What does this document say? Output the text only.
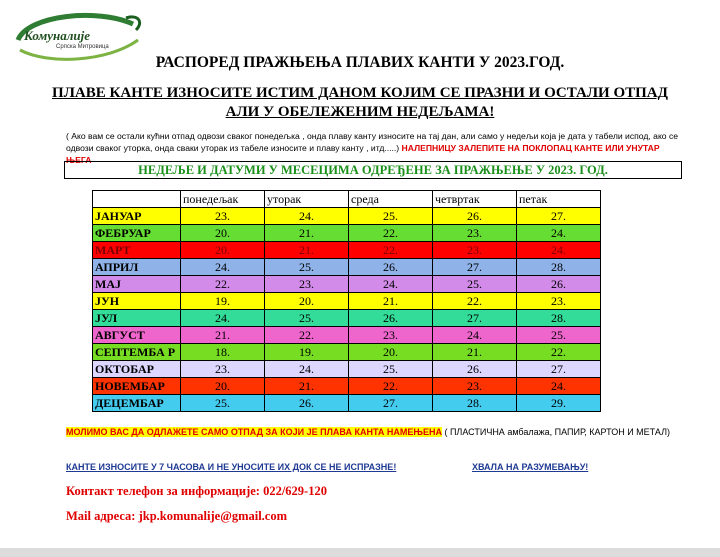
Комуналије
Српска Митровица
РАСПОРЕД ПРАЖЊЕЊА ПЛАВИХ КАНТИ У 2023.ГОД.
ПЛАВЕ КАНТЕ ИЗНОСИТЕ ИСТИМ ДАНОМ КОЈИМ СЕ ПРАЗНИ И ОСТАЛИ ОТПАД
АЛИ У ОБЕЛЕЖЕНИМ НЕДЕЉАМА!
( Ако вам се остали кућни отпад одвози сваког понедељка , онда плаву канту износите на тај дан, али само у недељи која је дата у табели испод, ако се одвози сваког уторка, онда сваки уторак из табеле износите и плаву канту , итд.....) НАЛЕПНИЦУ ЗАЛЕПИТЕ НА ПОКЛОПАЦ КАНТЕ ИЛИ УНУТАР ЊЕГА
НЕДЕЉЕ И ДАТУМИ У МЕСЕЦИМА ОДРЕЂЕНЕ ЗА ПРАЖЊЕЊЕ У 2023. ГОД.
	понедељак	уторак	среда	четвртак	петак
ЈАНУАР	23.	24.	25.	26.	27.
ФЕБРУАР	20.	21.	22.	23.	24.
МАРТ	20.	21.	22.	23.	24.
АПРИЛ	24.	25.	26.	27.	28.
МАЈ	22.	23.	24.	25.	26.
ЈУН	19.	20.	21.	22.	23.
ЈУЛ	24.	25.	26.	27.	28.
АВГУСТ	21.	22.	23.	24.	25.
СЕПТЕМБА Р	18.	19.	20.	21.	22.
ОКТОБАР	23.	24.	25.	26.	27.
НОВЕМБАР	20.	21.	22.	23.	24.
ДЕЦЕМБАР	25.	26.	27.	28.	29.
МОЛИМО ВАС ДА ОДЛАЖЕТЕ САМО ОТПАД ЗА КОЈИ ЈЕ ПЛАВА КАНТА НАМЕЊЕНА ( ПЛАСТИЧНА амбалажа, ПАПИР, КАРТОН И МЕТАЛ)
КАНТЕ ИЗНОСИТЕ У 7 ЧАСОВА И НЕ УНОСИТЕ ИХ ДОК СЕ НЕ ИСПРАЗНЕ!	ХВАЛА НА РАЗУМЕВАЊУ!
Контакт телефон за информације: 022/629-120
Mail адреса: jkp.komunalije@gmail.com
